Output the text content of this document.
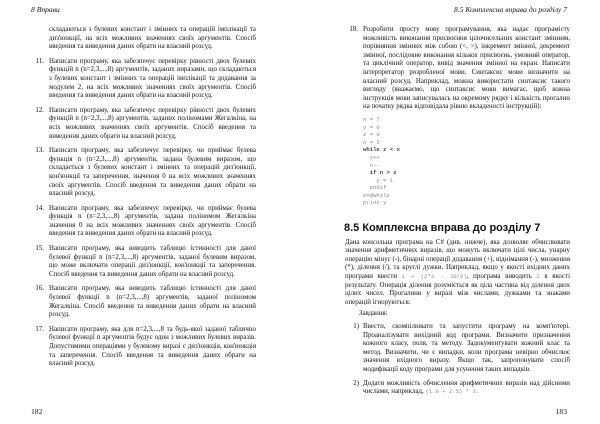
8 Вправи
складаються з булевих констант і змінних та операцій імплікації та диз'юнкції, на всіх можливих значеннях своїх аргументів. Спосіб введення та виведення даних обрати на власний розсуд.
11. Написати програму, яка забезпечує перевірку рівності двох булевих функцій n (n=2,3,...,8) аргументів, заданих виразами, що складаються з булевих констант і змінних та операцій імплікації та додавання за модулем 2, на всіх можливих значеннях своїх аргументів. Спосіб введення та виведення даних обрати на власний розсуд.
12. Написати програму, яка забезпечує перевірку рівності двох булевих функцій n (n=2,3,...,8) аргументів, заданих поліномами Жегалкіна, на всіх можливих значеннях своїх аргументів. Спосіб введення та виведення даних обрати на власний розсуд.
13. Написати програму, яка забезпечує перевірку, чи приймає булева функція n (n=2,3,...,8) аргументів, задана булевим виразом, що складається з булевих констант і змінних та операцій диз'юнкції, кон'юнкції та заперечення, значення 0 на всіх можливих значеннях своїх аргументів. Спосіб введення та виведення даних обрати на власний розсуд.
14. Написати програму, яка забезпечує перевірку, чи приймає булева функція n (n=2,3,...,8) аргументів, задана поліномом Жегалкіна значення 0 на всіх можливих значеннях своїх аргументів. Спосіб введення та виведення даних обрати на власний розсуд.
15. Написати програму, яка виводить таблицю істинності для даної булевої функції n (n=2,3,...,8) аргументів, заданої булевим виразом, що може включати операції диз'юнкції, кон'юнкції та заперечення. Спосіб введення та виведення даних обрати на власний розсуд.
16. Написати програму, яка виводить таблицю істинності для даної булевої функції n (n=2,3,...,8) аргументів, заданої поліномом Жегалкіна. Спосіб введення та виведення даних обрати на власний розсуд.
17. Написати програму, яка для n=2,3,...,8 та будь-якої заданої таблично булевої функції n аргументів будує один з можливих булевих виразів. Допустимими операціями у булевому виразі є диз'юнкція, кон'юнкція та заперечення. Спосіб введення та виведення даних обрати на власний розсуд.
182
8.5 Комплексна вправа до розділу 7
18. Розробити просту мову програмування, яка надає програмісту можливість виконання присвоєння цілочисельних констант змінним, порівняння змінних між собою (<, >), інкремент змінної, декремент змінної, послідовне виконання кількох присвоєнь, умовний оператор, та циклічний оператор, вивід значення змінної на екран. Написати інтерпретатор розробленої мови. Синтаксис мови визначити на власний розсуд. Наприклад, можна використати синтаксис такого вигляду (вважаємо, що синтаксис мови вимагає, щоб кожна інструкція мови записувалась на окремому рядку і кількість прогалин на початку рядка відповідала рівню вкладеності інструкцій):
x = 7
y = 0
z = 0
n = 5
while z < x
z++
n--
if n > z
y = 1
endif
endwhile
print y
8.5 Комплексна вправа до розділу 7
Дана консольна програма на C# (див. нижче), яка дозволяє обчислювати значення арифметичних виразів, що можуть включати цілі числа, унарну операцію мінус (-), бінарні операції додавання (+), віднімання (-), множення (*), ділення (/), та круглі дужки. Наприклад, якщо у якості вхідних даних програми ввести 1 + (2*3 - 10/2), програма виводить 2 в якості результату. Операція ділення розуміється як ціла частина від ділення двох цілих чисел. Прогалини у виразі між числами, дужками та знаками операцій ігноруються.
Завдання:
1) Ввести, скомпілювати та запустити програму на комп'ютері. Проаналізувати вихідний код програми. Визначити призначення кожного класу, поля, та методу. Задокументувати кожний клас та метод. Визначити, чи є випадки, коли програма невірно обчислює значення вхідного виразу. Якщо так, запропонувати спосіб модифікації коду програми для усунення таких випадків.
2) Додати можливість обчислення арифметичних виразів над дійсними числами, наприклад, (1.0 + 2.5) * 3.
183
